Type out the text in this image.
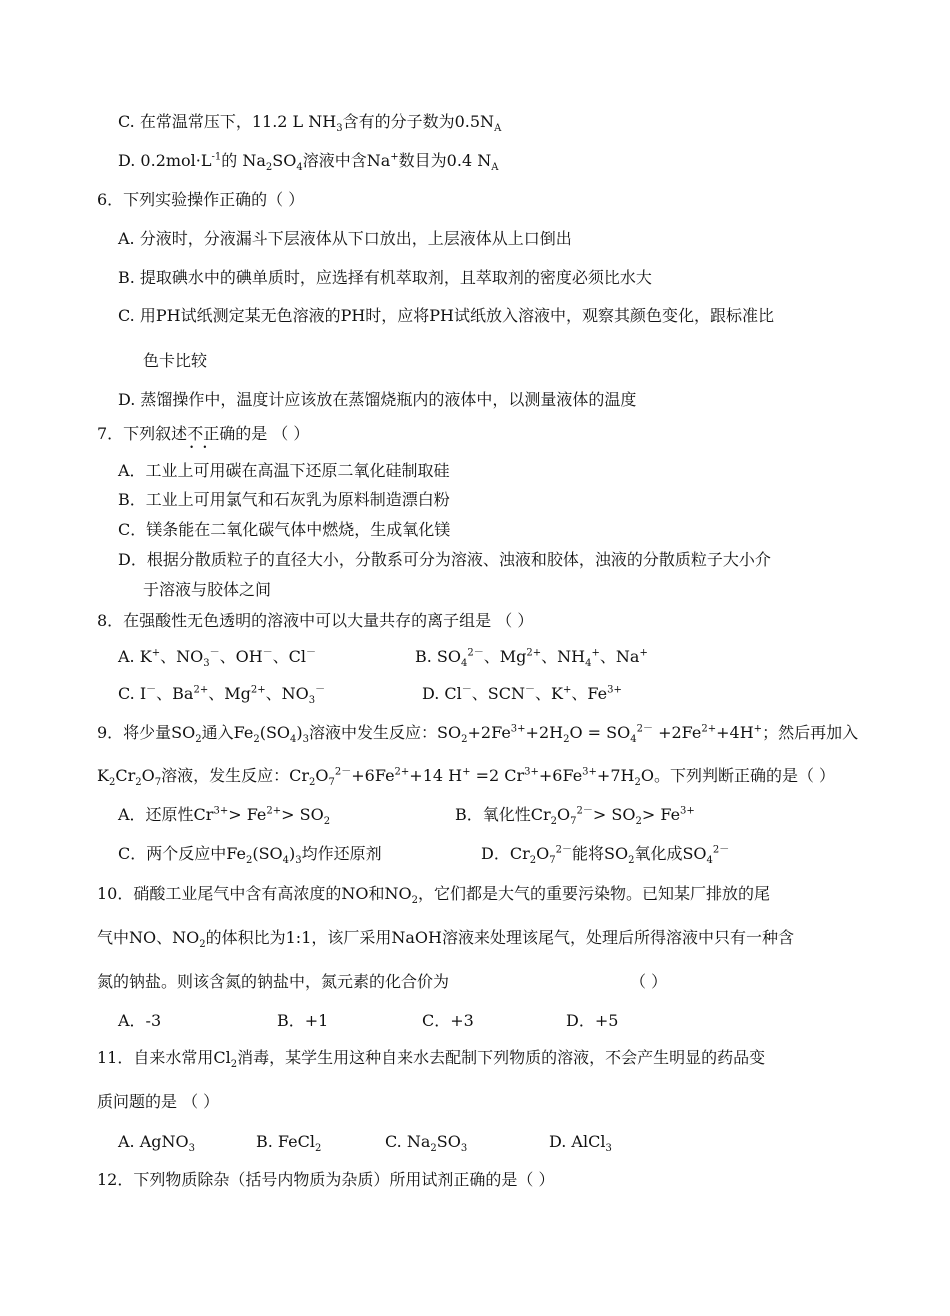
C. 在常温常压下，11.2 L $NH_3$含有的分子数为$0.5N_A$
D. $0.2mol\cdot L^{-1}$的 $Na_2SO_4$溶液中含Na+数目为0.4 $N_A$
6．下列实验操作正确的（ ）
A. 分液时，分液漏斗下层液体从下口放出，上层液体从上口倒出
B. 提取碘水中的碘单质时，应选择有机萃取剂，且萃取剂的密度必须比水大
C. 用PH试纸测定某无色溶液的PH时，应将PH试纸放入溶液中，观察其颜色变化，跟标准比
色卡比较
D. 蒸馏操作中，温度计应该放在蒸馏烧瓶内的液体中，以测量液体的温度
7．下列叙述不正确 • •的是 （ ）
A．工业上可用碳在高温下还原二氧化硅制取硅
B．工业上可用氯气和石灰乳为原料制造漂白粉
C．镁条能在二氧化碳气体中燃烧，生成氧化镁
D．根据分散质粒子的直径大小，分散系可分为溶液、浊液和胶体，浊液的分散质粒子大小介
于溶液与胶体之间
8．在强酸性无色透明的溶液中可以大量共存的离子组是 （ ）
A. K+、$NO_3^-$、OH－、Cl－	B. $SO_4^{2-}$、$Mg^{2+}$、$NH_4^+$、Na+
C. I－、$Ba^{2+}$、$Mg^{2+}$、$NO_3^-$	D. Cl－、SCN－、K+、$Fe^{3+}$
9．将少量$SO_2$通入$Fe_2(SO_4)_3$溶液中发生反应：$SO_2+2Fe^{3+}+2H_2O = SO_4^{2-} +2Fe^{2+}+4H^+$；然后再加入
$K_2Cr_2O_7$溶液，发生反应：$Cr_2O_7^{2-}+6Fe^{2+}+14$ H+ =2 $Cr^{3+}+6Fe^{3+}+7H_2O$。下列判断正确的是（ ）
A．还原性$Cr^{3+}> Fe^{2+}> SO_2$	B．氧化性$Cr_2O_7^{2-}> SO_2> Fe^{3+}$
C．两个反应中$Fe_2(SO_4)_3$均作还原剂	D．$Cr_2O_7^{2-}$能将$SO_2$氧化成$SO_4^{2-}$
10．硝酸工业尾气中含有高浓度的NO和$NO_2$，它们都是大气的重要污染物。已知某厂排放的尾
气中NO、$NO_2$的体积比为1:1，该厂采用NaOH溶液来处理该尾气，处理后所得溶液中只有一种含
氮的钠盐。则该含氮的钠盐中，氮元素的化合价为	（ ）
A．-3	B．+1	C．+3	D．+5
11．自来水常用$Cl_2$消毒，某学生用这种自来水去配制下列物质的溶液，不会产生明显的药品变
质问题的是 （ ）
A. AgNO$_3$	B. FeCl$_2$	C. $Na_2SO_3$	D. AlCl$_3$
12．下列物质除杂（括号内物质为杂质）所用试剂正确的是（ ）
